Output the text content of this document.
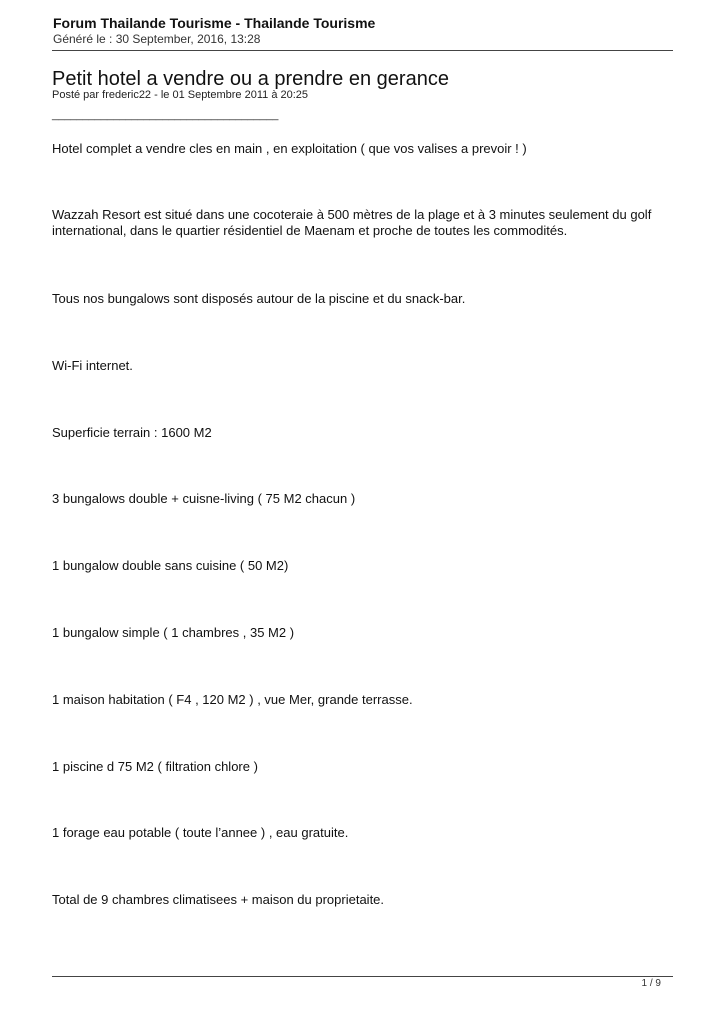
Forum Thailande Tourisme - Thailande Tourisme
Généré le : 30 September, 2016, 13:28
Petit hotel a vendre ou a prendre en gerance
Posté par frederic22 - le 01 Septembre 2011 à 20:25
_____________________________________

Hotel complet a vendre cles en main , en exploitation ( que vos valises a prevoir ! )

Wazzah Resort est situé dans une cocoteraie à 500 mètres de la plage et à 3 minutes seulement du golf international, dans le quartier résidentiel de Maenam et proche de toutes les commodités.

Tous nos bungalows sont disposés autour de la piscine et du snack-bar.

Wi-Fi internet.

Superficie terrain : 1600 M2

3 bungalows double + cuisne-living ( 75 M2 chacun )

1 bungalow double sans cuisine ( 50 M2)

1 bungalow simple ( 1 chambres , 35 M2 )

1 maison habitation ( F4 , 120 M2 ) , vue Mer, grande terrasse.

1 piscine d 75 M2 ( filtration chlore )

1 forage eau potable ( toute l’annee ) , eau gratuite.

Total de 9 chambres climatisees + maison du proprietaite.

1 / 9
